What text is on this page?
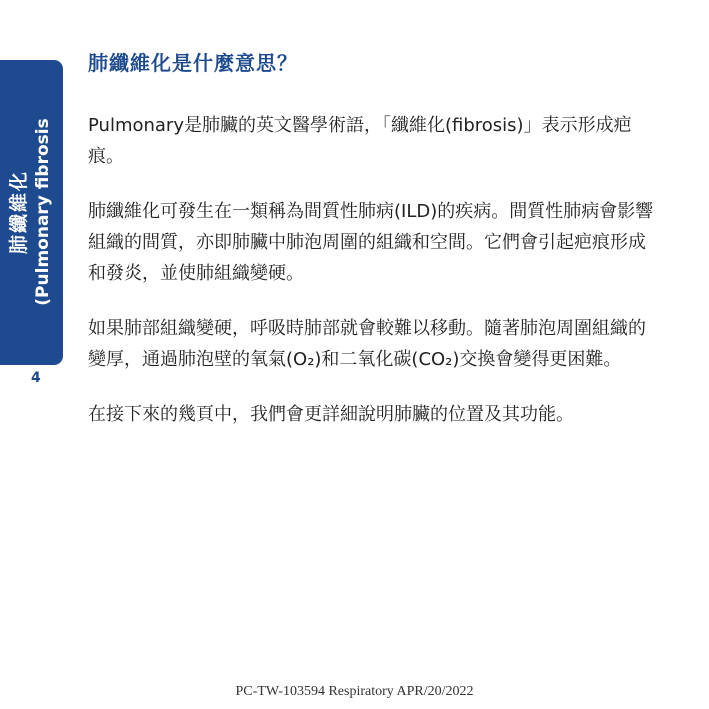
肺纖維化 (Pulmonary fibrosis
4
肺纖維化是什麼意思？

Pulmonary是肺臟的英文醫學術語，「纖維化(fibrosis)」表示形成疤痕。

肺纖維化可發生在一類稱為間質性肺病(ILD)的疾病。間質性肺病會影響組織的間質，亦即肺臟中肺泡周圍的組織和空間。它們會引起疤痕形成和發炎，並使肺組織變硬。

如果肺部組織變硬，呼吸時肺部就會較難以移動。隨著肺泡周圍組織的變厚，通過肺泡壁的氧氣(O₂)和二氧化碳(CO₂)交換會變得更困難。

在接下來的幾頁中，我們會更詳細說明肺臟的位置及其功能。

PC-TW-103594 Respiratory APR/20/2022
